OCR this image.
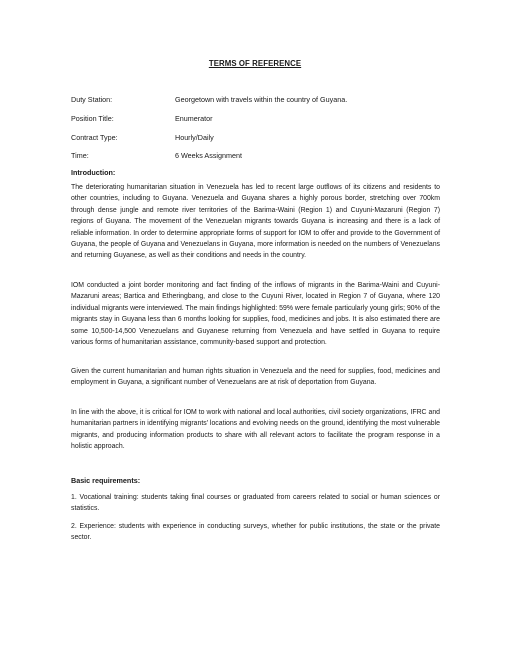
TERMS OF REFERENCE
Duty Station:	Georgetown with travels within the country of Guyana.
Position Title:	Enumerator
Contract Type:	Hourly/Daily
Time:	6 Weeks Assignment
Introduction:
The deteriorating humanitarian situation in Venezuela has led to recent large outflows of its citizens and residents to other countries, including to Guyana. Venezuela and Guyana shares a highly porous border, stretching over 700km through dense jungle and remote river territories of the Barima-Waini (Region 1) and Cuyuni-Mazaruni (Region 7) regions of Guyana. The movement of the Venezuelan migrants towards Guyana is increasing and there is a lack of reliable information. In order to determine appropriate forms of support for IOM to offer and provide to the Government of Guyana, the people of Guyana and Venezuelans in Guyana, more information is needed on the numbers of Venezuelans and returning Guyanese, as well as their conditions and needs in the country.
IOM conducted a joint border monitoring and fact finding of the inflows of migrants in the Barima-Waini and Cuyuni-Mazaruni areas; Bartica and Etheringbang, and close to the Cuyuni River, located in Region 7 of Guyana, where 120 individual migrants were interviewed. The main findings highlighted: 59% were female particularly young girls; 90% of the migrants stay in Guyana less than 6 months looking for supplies, food, medicines and jobs. It is also estimated there are some 10,500-14,500 Venezuelans and Guyanese returning from Venezuela and have settled in Guyana to require various forms of humanitarian assistance, community-based support and protection.
Given the current humanitarian and human rights situation in Venezuela and the need for supplies, food, medicines and employment in Guyana, a significant number of Venezuelans are at risk of deportation from Guyana.
In line with the above, it is critical for IOM to work with national and local authorities, civil society organizations, IFRC and humanitarian partners in identifying migrants' locations and evolving needs on the ground, identifying the most vulnerable migrants, and producing information products to share with all relevant actors to facilitate the program response in a holistic approach.
Basic requirements:
1. Vocational training: students taking final courses or graduated from careers related to social or human sciences or statistics.
2. Experience: students with experience in conducting surveys, whether for public institutions, the state or the private sector.
